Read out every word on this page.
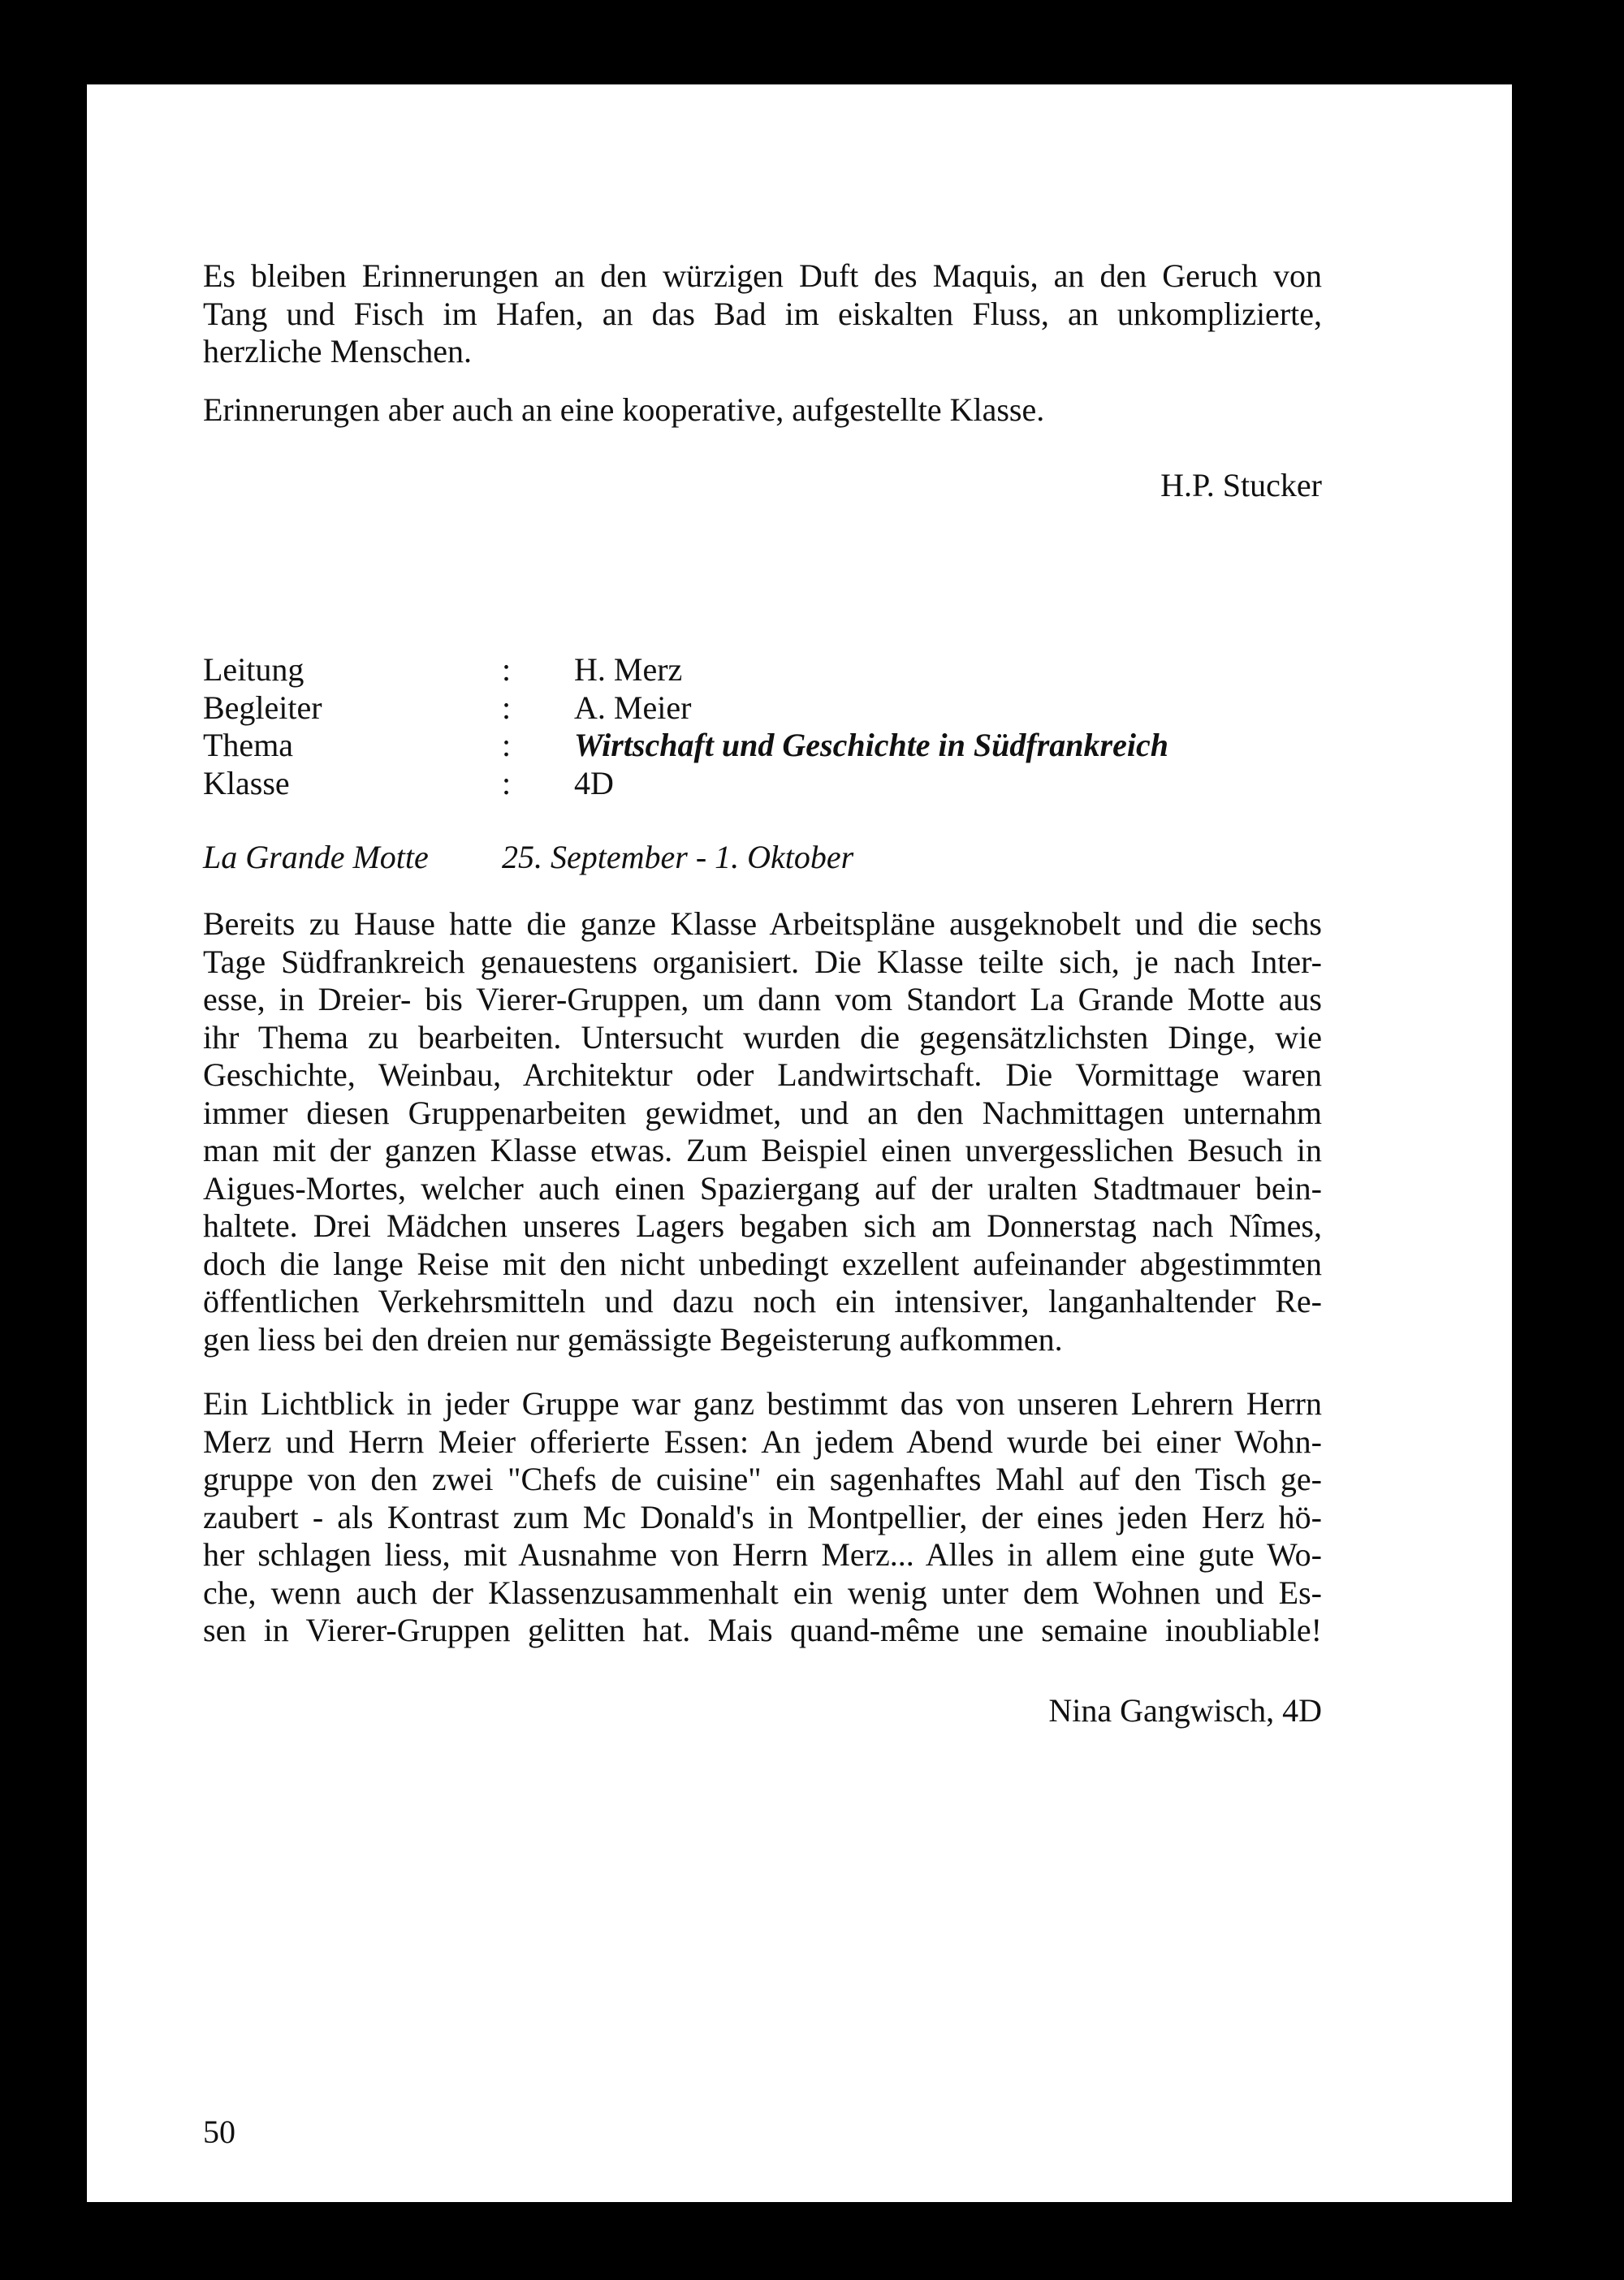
Es bleiben Erinnerungen an den würzigen Duft des Maquis, an den Geruch von
Tang und Fisch im Hafen, an das Bad im eiskalten Fluss, an unkomplizierte,
herzliche Menschen.
Erinnerungen aber auch an eine kooperative, aufgestellte Klasse.
H.P. Stucker
Leitung	: H. Merz
Begleiter	: A. Meier
Thema	: Wirtschaft und Geschichte in Südfrankreich
Klasse	: 4D
La Grande Motte 25. September - 1. Oktober
Bereits zu Hause hatte die ganze Klasse Arbeitspläne ausgeknobelt und die sechs
Tage Südfrankreich genauestens organisiert. Die Klasse teilte sich, je nach Inter-
esse, in Dreier- bis Vierer-Gruppen, um dann vom Standort La Grande Motte aus
ihr Thema zu bearbeiten. Untersucht wurden die gegensätzlichsten Dinge, wie
Geschichte, Weinbau, Architektur oder Landwirtschaft. Die Vormittage waren
immer diesen Gruppenarbeiten gewidmet, und an den Nachmittagen unternahm
man mit der ganzen Klasse etwas. Zum Beispiel einen unvergesslichen Besuch in
Aigues-Mortes, welcher auch einen Spaziergang auf der uralten Stadtmauer bein-
haltete. Drei Mädchen unseres Lagers begaben sich am Donnerstag nach Nîmes,
doch die lange Reise mit den nicht unbedingt exzellent aufeinander abgestimmten
öffentlichen Verkehrsmitteln und dazu noch ein intensiver, langanhaltender Re-
gen liess bei den dreien nur gemässigte Begeisterung aufkommen.
Ein Lichtblick in jeder Gruppe war ganz bestimmt das von unseren Lehrern Herrn
Merz und Herrn Meier offerierte Essen: An jedem Abend wurde bei einer Wohn-
gruppe von den zwei "Chefs de cuisine" ein sagenhaftes Mahl auf den Tisch ge-
zaubert - als Kontrast zum Mc Donald's in Montpellier, der eines jeden Herz hö-
her schlagen liess, mit Ausnahme von Herrn Merz... Alles in allem eine gute Wo-
che, wenn auch der Klassenzusammenhalt ein wenig unter dem Wohnen und Es-
sen in Vierer-Gruppen gelitten hat. Mais quand-même une semaine inoubliable!
Nina Gangwisch, 4D
50
